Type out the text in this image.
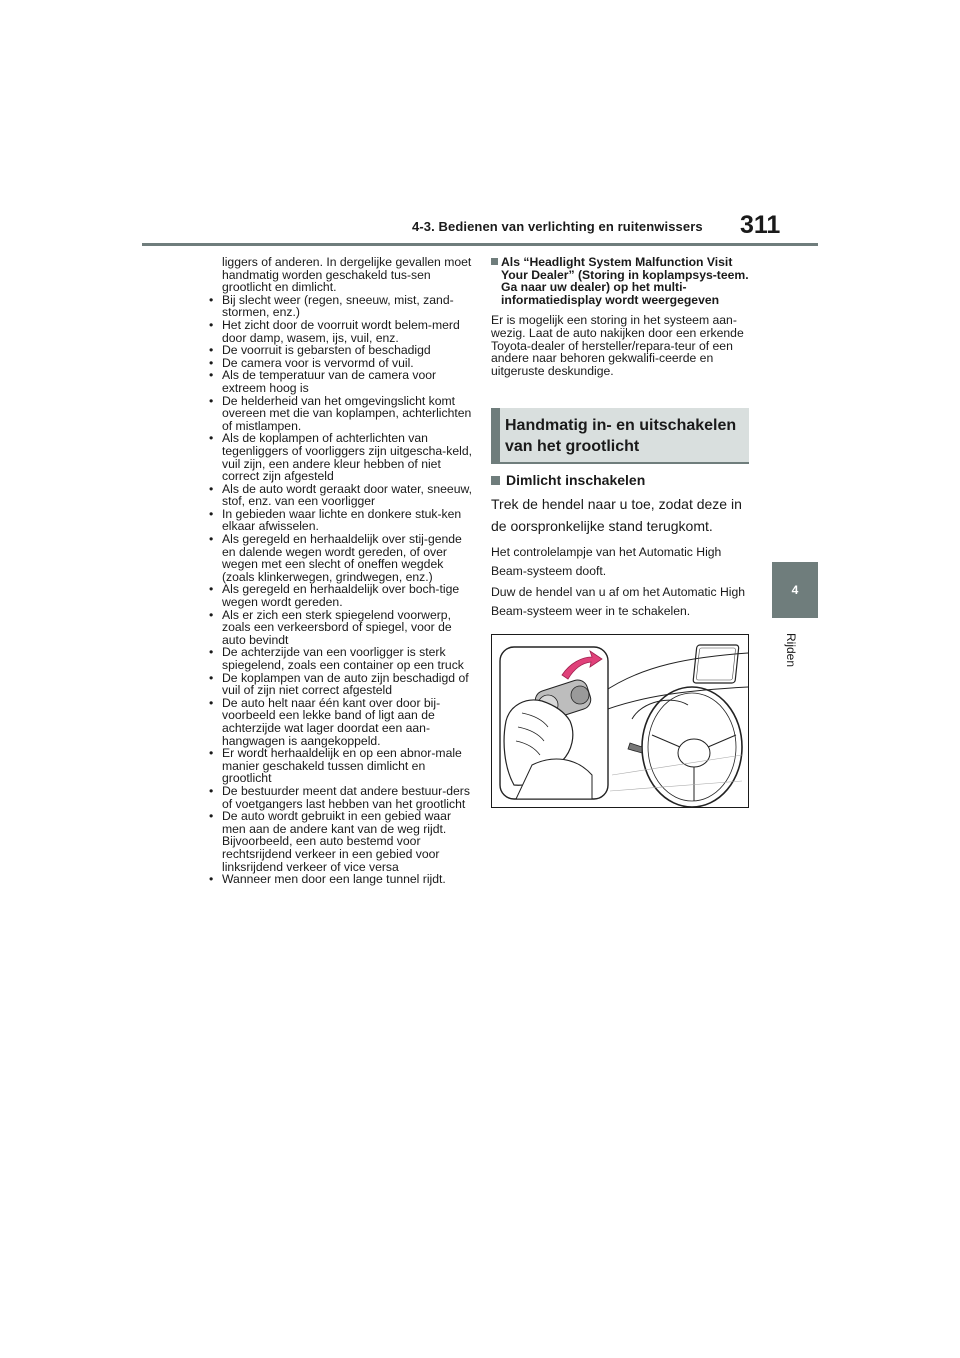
4-3. Bedienen van verlichting en ruitenwissers 311
4
Rijden

liggers of anderen. In dergelijke gevallen moet handmatig worden geschakeld tus-sen grootlicht en dimlicht.

• Bij slecht weer (regen, sneeuw, mist, zand-stormen, enz.)
• Het zicht door de voorruit wordt belem-merd door damp, wasem, ijs, vuil, enz.
• De voorruit is gebarsten of beschadigd
• De camera voor is vervormd of vuil.
• Als de temperatuur van de camera voor extreem hoog is
• De helderheid van het omgevingslicht komt overeen met die van koplampen, achterlichten of mistlampen.
• Als de koplampen of achterlichten van tegenliggers of voorliggers zijn uitgescha-keld, vuil zijn, een andere kleur hebben of niet correct zijn afgesteld
• Als de auto wordt geraakt door water, sneeuw, stof, enz. van een voorligger
• In gebieden waar lichte en donkere stuk-ken elkaar afwisselen.
• Als geregeld en herhaaldelijk over stij-gende en dalende wegen wordt gereden, of over wegen met een slecht of oneffen wegdek (zoals klinkerwegen, grindwegen, enz.)
• Als geregeld en herhaaldelijk over boch-tige wegen wordt gereden.
• Als er zich een sterk spiegelend voorwerp, zoals een verkeersbord of spiegel, voor de auto bevindt
• De achterzijde van een voorligger is sterk spiegelend, zoals een container op een truck
• De koplampen van de auto zijn beschadigd of vuil of zijn niet correct afgesteld
• De auto helt naar één kant over door bij-voorbeeld een lekke band of ligt aan de achterzijde wat lager doordat een aan-hangwagen is aangekoppeld.
• Er wordt herhaaldelijk en op een abnor-male manier geschakeld tussen dimlicht en grootlicht
• De bestuurder meent dat andere bestuur-ders of voetgangers last hebben van het grootlicht
• De auto wordt gebruikt in een gebied waar men aan de andere kant van de weg rijdt. Bijvoorbeeld, een auto bestemd voor rechtsrijdend verkeer in een gebied voor linksrijdend verkeer of vice versa
• Wanneer men door een lange tunnel rijdt.

Als “Headlight System Malfunction Visit Your Dealer” (Storing in koplampsys-teem. Ga naar uw dealer) op het multi-informatiedisplay wordt weergegeven

Er is mogelijk een storing in het systeem aan-wezig. Laat de auto nakijken door een erkende Toyota-dealer of hersteller/repara-teur of een andere naar behoren gekwalifi-ceerde en uitgeruste deskundige.

Handmatig in- en uitschakelen van het grootlicht
Dimlicht inschakelen

Trek de hendel naar u toe, zodat deze in de oorspronkelijke stand terugkomt.

Het controlelampje van het Automatic High Beam-systeem dooft.

Duw de hendel van u af om het Automatic High Beam-systeem weer in te schakelen.
